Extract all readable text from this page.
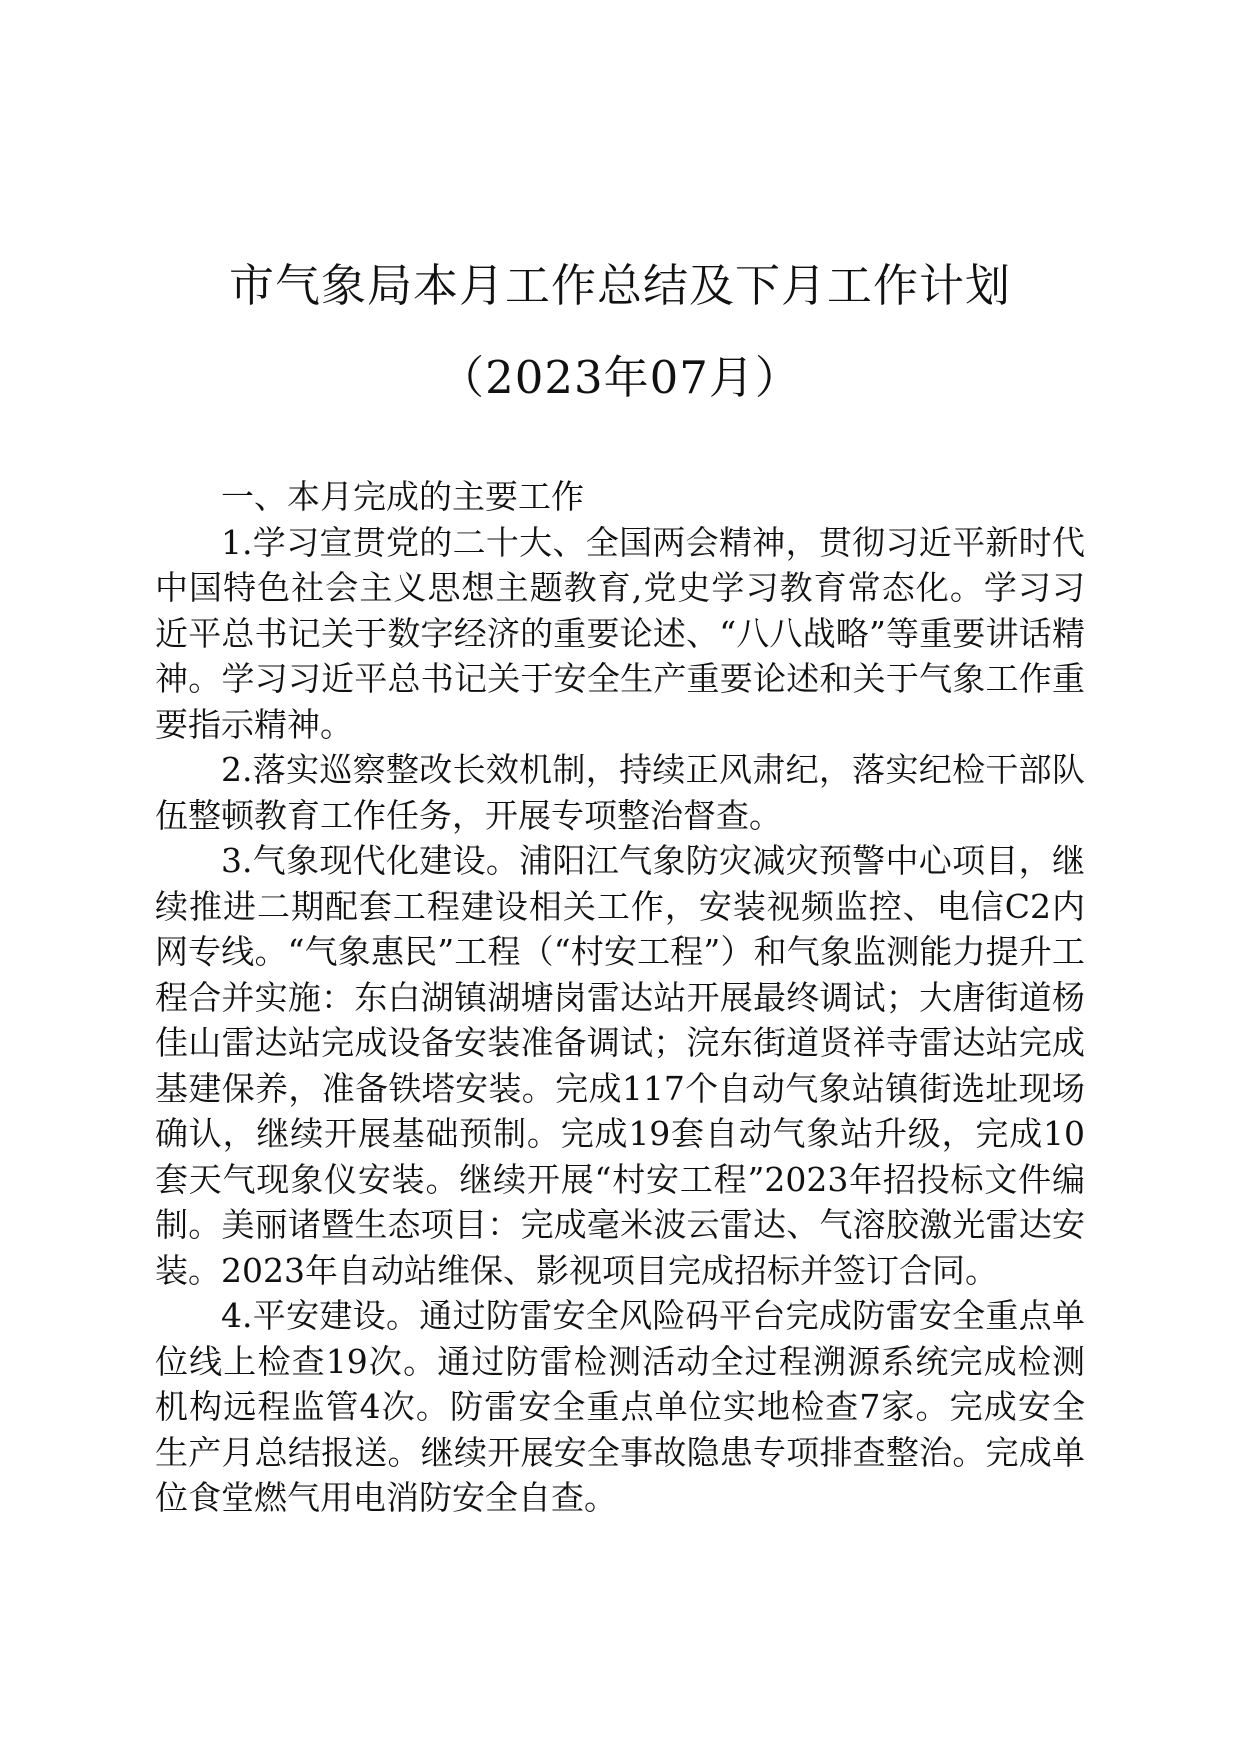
市气象局本月工作总结及下月工作计划（2023年07月）
一、本月完成的主要工作

1.学习宣贯党的二十大、全国两会精神，贯彻习近平新时代中国特色社会主义思想主题教育,党史学习教育常态化。学习习近平总书记关于数字经济的重要论述、“八八战略”等重要讲话精神。学习习近平总书记关于安全生产重要论述和关于气象工作重要指示精神。

2.落实巡察整改长效机制，持续正风肃纪，落实纪检干部队伍整顿教育工作任务，开展专项整治督查。

3.气象现代化建设。浦阳江气象防灾减灾预警中心项目，继续推进二期配套工程建设相关工作，安装视频监控、电信C2内网专线。“气象惠民”工程（“村安工程”）和气象监测能力提升工程合并实施：东白湖镇湖塘岗雷达站开展最终调试；大唐街道杨佳山雷达站完成设备安装准备调试；浣东街道贤祥寺雷达站完成基建保养，准备铁塔安装。完成117个自动气象站镇街选址现场确认，继续开展基础预制。完成19套自动气象站升级，完成10套天气现象仪安装。继续开展“村安工程”2023年招投标文件编制。美丽诸暨生态项目：完成毫米波云雷达、气溶胶激光雷达安装。2023年自动站维保、影视项目完成招标并签订合同。

4.平安建设。通过防雷安全风险码平台完成防雷安全重点单位线上检查19次。通过防雷检测活动全过程溯源系统完成检测机构远程监管4次。防雷安全重点单位实地检查7家。完成安全生产月总结报送。继续开展安全事故隐患专项排查整治。完成单位食堂燃气用电消防安全自查。
